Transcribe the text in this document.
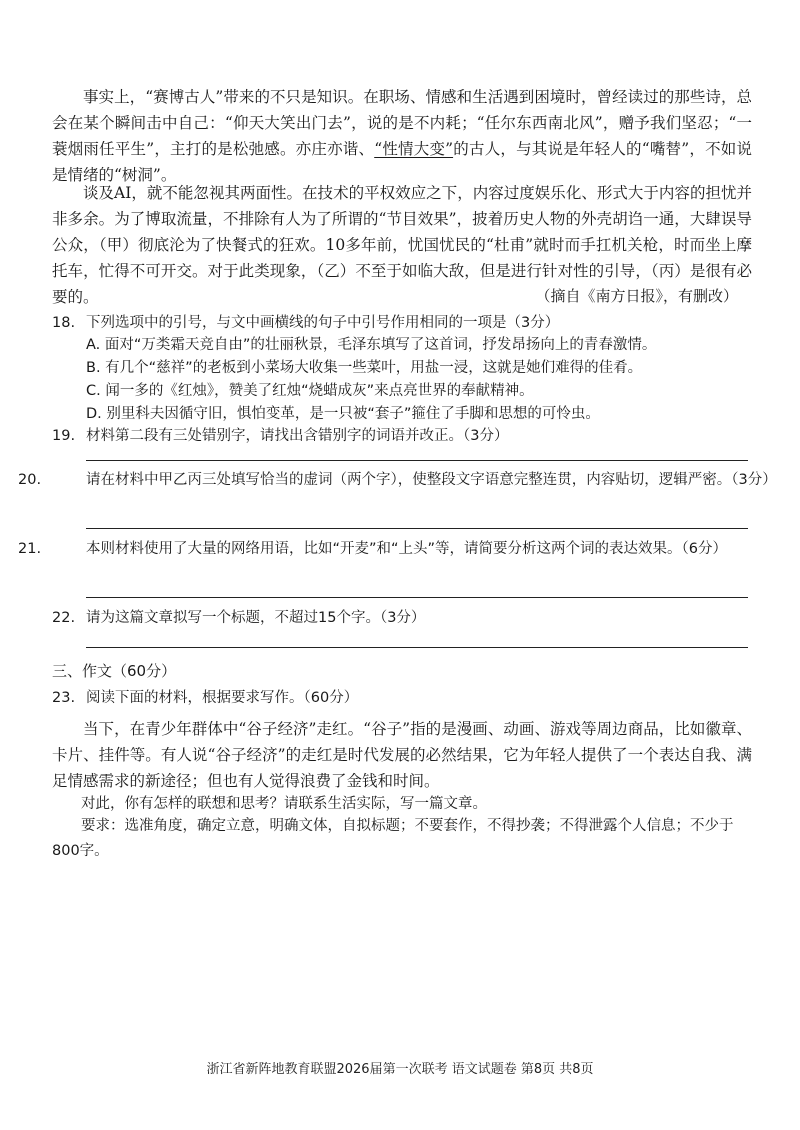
事实上，“赛博古人”带来的不只是知识。在职场、情感和生活遇到困境时，曾经读过的那些诗，总会在某个瞬间击中自己：“仰天大笑出门去”，说的是不内耗；“任尔东西南北风”，赠予我们坚忍；“一蓑烟雨任平生”，主打的是松弛感。亦庄亦谐、“性情大变”的古人，与其说是年轻人的“嘴替”，不如说是情绪的“树洞”。

谈及AI，就不能忽视其两面性。在技术的平权效应之下，内容过度娱乐化、形式大于内容的担忧并非多余。为了博取流量，不排除有人为了所谓的“节目效果”，披着历史人物的外壳胡诌一通，大肆误导公众，（甲）彻底沦为了快餐式的狂欢。10多年前，忧国忧民的“杜甫”就时而手扛机关枪，时而坐上摩托车，忙得不可开交。对于此类现象，（乙）不至于如临大敌，但是进行针对性的引导，（丙）是很有必要的。	（摘自《南方日报》，有删改）
18. 下列选项中的引号，与文中画横线的句子中引号作用相同的一项是（3分）
A. 面对“万类霜天竞自由”的壮丽秋景，毛泽东填写了这首词，抒发昂扬向上的青春激情。
B. 有几个“慈祥”的老板到小菜场大收集一些菜叶，用盐一浸，这就是她们难得的佳肴。
C. 闻一多的《红烛》，赞美了红烛“烧蜡成灰”来点亮世界的奉献精神。
D. 别里科夫因循守旧，惧怕变革，是一只被“套子”箍住了手脚和思想的可怜虫。
19. 材料第二段有三处错别字，请找出含错别字的词语并改正。（3分）
20.	请在材料中甲乙丙三处填写恰当的虚词（两个字），使整段文字语意完整连贯，内容贴切，逻辑严密。（3分）
21.	本则材料使用了大量的网络用语，比如“开麦”和“上头”等，请简要分析这两个词的表达效果。（6分）
22. 请为这篇文章拟写一个标题，不超过15个字。（3分）
三、作文（60分）
23. 阅读下面的材料，根据要求写作。（60分）

当下，在青少年群体中“谷子经济”走红。“谷子”指的是漫画、动画、游戏等周边商品，比如徽章、卡片、挂件等。有人说“谷子经济”的走红是时代发展的必然结果，它为年轻人提供了一个表达自我、满足情感需求的新途径；但也有人觉得浪费了金钱和时间。

对此，你有怎样的联想和思考？请联系生活实际，写一篇文章。
要求：选准角度，确定立意，明确文体，自拟标题；不要套作，不得抄袭；不得泄露个人信息；不少于800字。
浙江省新阵地教育联盟2026届第一次联考 语文试题卷 第8页 共8页
